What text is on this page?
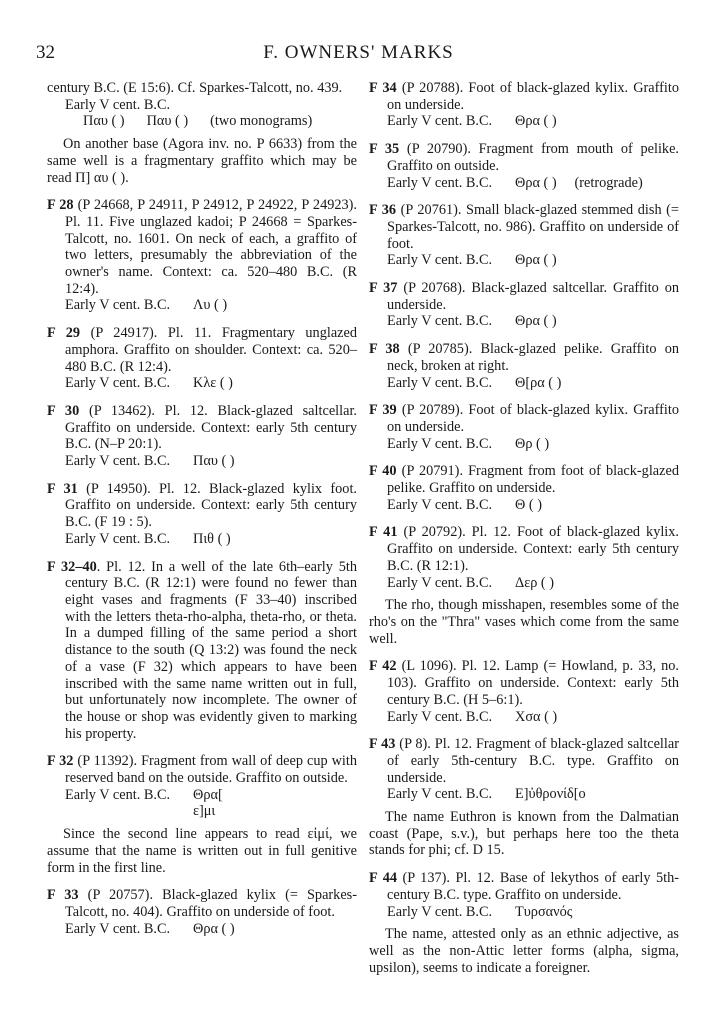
32	F. OWNERS' MARKS

century B.C. (E 15:6). Cf. Sparkes-Talcott, no. 439.

Early V cent. B.C.

Παυ ( ) Παυ ( ) (two monograms)

On another base (Agora inv. no. P 6633) from the same well is a fragmentary graffito which may be read Π] αυ ( ).

F 28 (P 24668, P 24911, P 24912, P 24922, P 24923). Pl. 11. Five unglazed kadoi; P 24668 = Sparkes-Talcott, no. 1601. On neck of each, a graffito of two letters, presumably the abbreviation of the owner's name. Context: ca. 520–480 B.C. (R 12:4).

Early V cent. B.C.	Λυ ( )

F 29 (P 24917). Pl. 11. Fragmentary unglazed amphora. Graffito on shoulder. Context: ca. 520–480 B.C. (R 12:4).

Early V cent. B.C.	Κλε ( )

F 30 (P 13462). Pl. 12. Black-glazed saltcellar. Graffito on underside. Context: early 5th century B.C. (N–P 20:1).

Early V cent. B.C.	Παυ ( )

F 31 (P 14950). Pl. 12. Black-glazed kylix foot. Graffito on underside. Context: early 5th century B.C. (F 19 : 5).

Early V cent. B.C.	Πιθ ( )

F 32–40. Pl. 12. In a well of the late 6th–early 5th century B.C. (R 12:1) were found no fewer than eight vases and fragments (F 33–40) inscribed with the letters theta-rho-alpha, theta-rho, or theta. In a dumped filling of the same period a short distance to the south (Q 13:2) was found the neck of a vase (F 32) which appears to have been inscribed with the same name written out in full, but unfortunately now incomplete. The owner of the house or shop was evidently given to marking his property.

F 32 (P 11392). Fragment from wall of deep cup with reserved band on the outside. Graffito on outside.

Early V cent. B.C.	Θρα[

ε]μι

Since the second line appears to read εἰμί, we assume that the name is written out in full genitive form in the first line.

F 33 (P 20757). Black-glazed kylix (= Sparkes-Talcott, no. 404). Graffito on underside of foot.

Early V cent. B.C.	Θρα ( )

F 34 (P 20788). Foot of black-glazed kylix. Graffito on underside.

Early V cent. B.C.	Θρα ( )

F 35 (P 20790). Fragment from mouth of pelike. Graffito on outside.

Early V cent. B.C.	Θρα ( )     (retrograde)

F 36 (P 20761). Small black-glazed stemmed dish (= Sparkes-Talcott, no. 986). Graffito on underside of foot.

Early V cent. B.C.	Θρα ( )

F 37 (P 20768). Black-glazed saltcellar. Graffito on underside.

Early V cent. B.C.	Θρα ( )

F 38 (P 20785). Black-glazed pelike. Graffito on neck, broken at right.

Early V cent. B.C.	Θ[ρα ( )

F 39 (P 20789). Foot of black-glazed kylix. Graffito on underside.

Early V cent. B.C.	Θρ ( )

F 40 (P 20791). Fragment from foot of black-glazed pelike. Graffito on underside.

Early V cent. B.C.	Θ ( )

F 41 (P 20792). Pl. 12. Foot of black-glazed kylix. Graffito on underside. Context: early 5th century B.C. (R 12:1).

Early V cent. B.C.	Δερ ( )

The rho, though misshapen, resembles some of the rho's on the "Thra" vases which come from the same well.

F 42 (L 1096). Pl. 12. Lamp (= Howland, p. 33, no. 103). Graffito on underside. Context: early 5th century B.C. (H 5–6:1).

Early V cent. B.C.	Χσα ( )

F 43 (P 8). Pl. 12. Fragment of black-glazed saltcellar of early 5th-century B.C. type. Graffito on underside.

Early V cent. B.C.	Ε]ὐθρονίδ[ο

The name Euthron is known from the Dalmatian coast (Pape, s.v.), but perhaps here too the theta stands for phi; cf. D 15.

F 44 (P 137). Pl. 12. Base of lekythos of early 5th-century B.C. type. Graffito on underside.

Early V cent. B.C.	Τυρσανός

The name, attested only as an ethnic adjective, as well as the non-Attic letter forms (alpha, sigma, upsilon), seems to indicate a foreigner.
